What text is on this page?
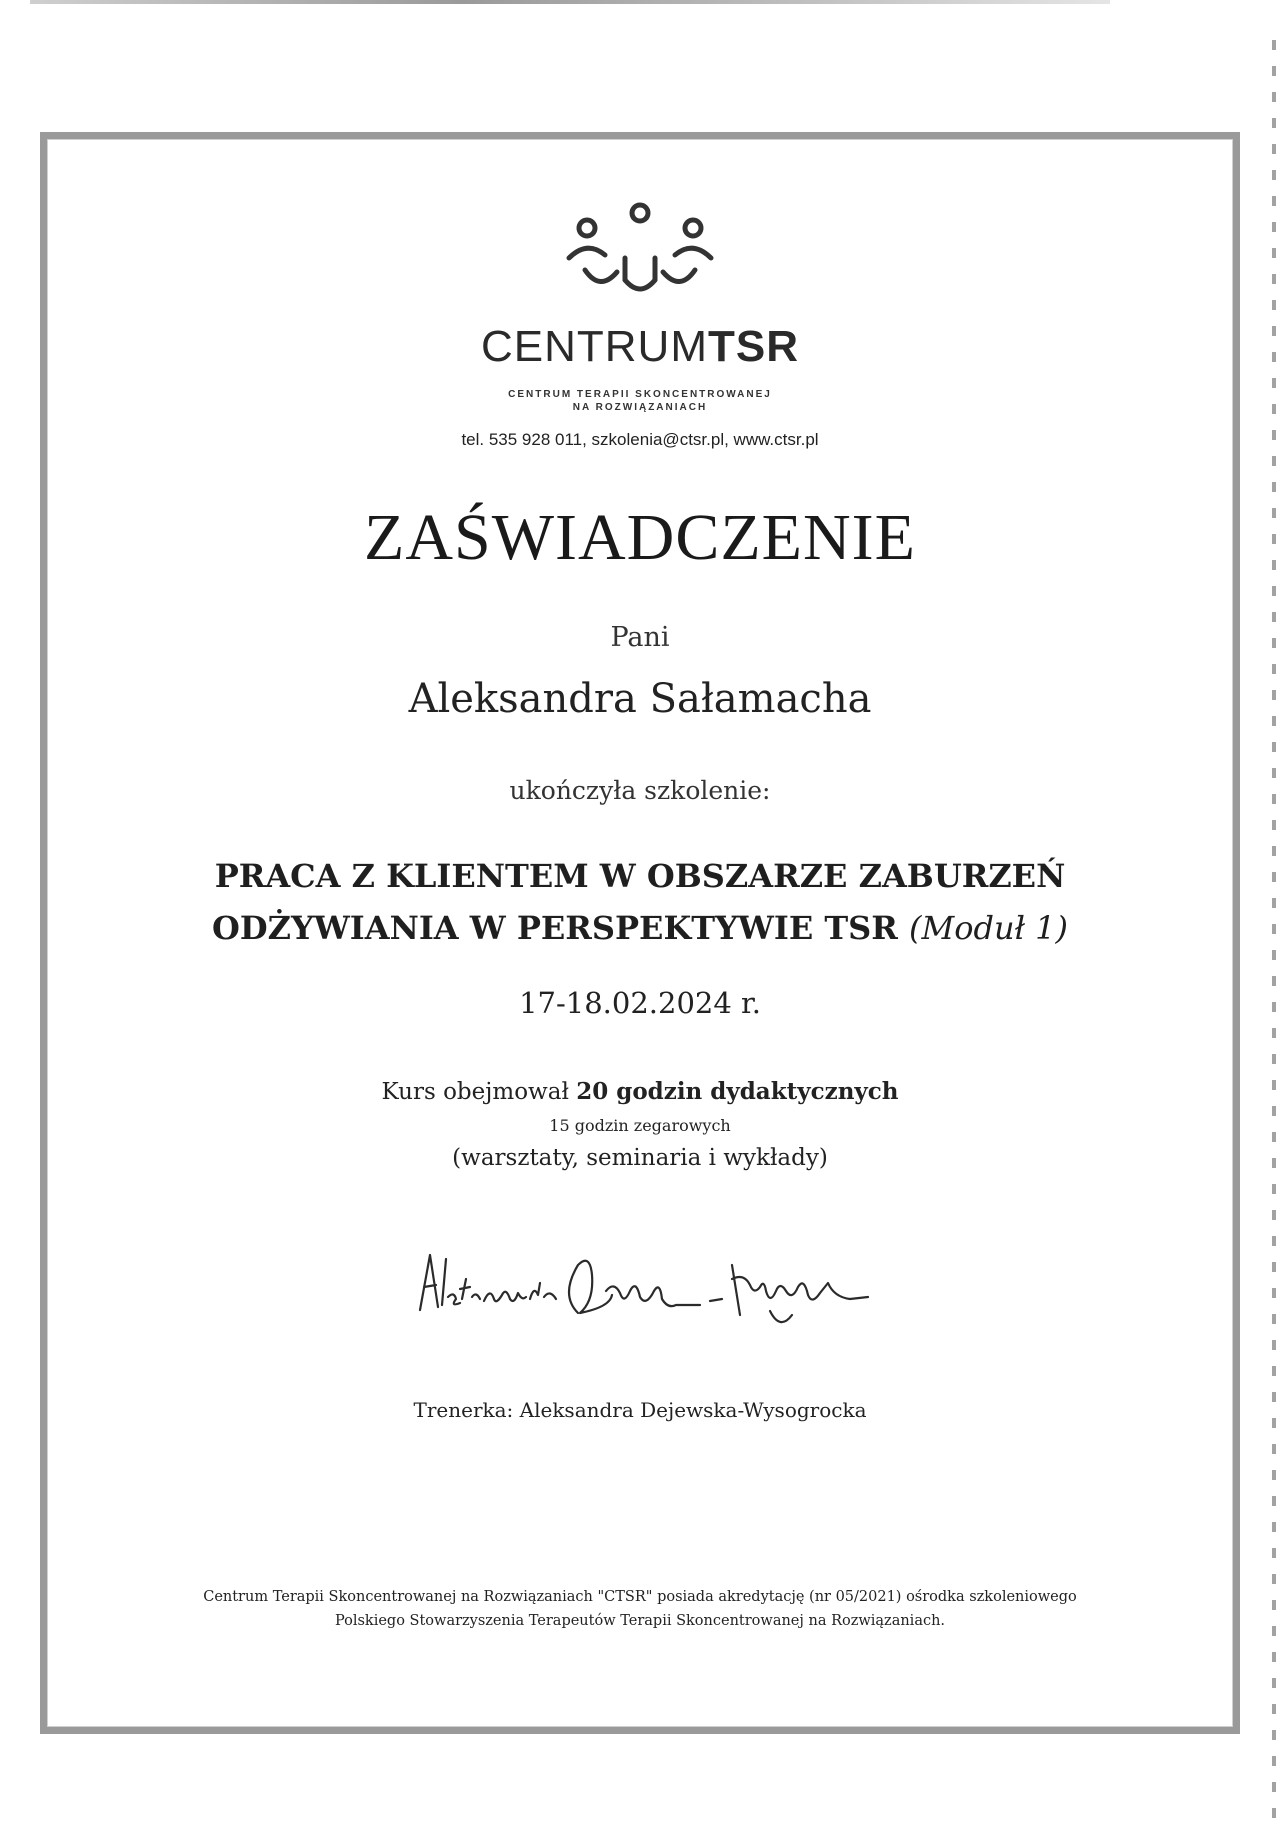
CENTRUMTSR
CENTRUM TERAPII SKONCENTROWANEJ
NA ROZWIĄZANIACH
tel. 535 928 011, szkolenia@ctsr.pl, www.ctsr.pl
ZAŚWIADCZENIE
Pani
Aleksandra Sałamacha
ukończyła szkolenie:
PRACA Z KLIENTEM W OBSZARZE ZABURZEŃ
ODŻYWIANIA W PERSPEKTYWIE TSR (Moduł 1)
17-18.02.2024 r.
Kurs obejmował 20 godzin dydaktycznych
15 godzin zegarowych
(warsztaty, seminaria i wykłady)
Trenerka: Aleksandra Dejewska-Wysogrocka
Centrum Terapii Skoncentrowanej na Rozwiązaniach "CTSR" posiada akredytację (nr 05/2021) ośrodka szkoleniowego
Polskiego Stowarzyszenia Terapeutów Terapii Skoncentrowanej na Rozwiązaniach.
